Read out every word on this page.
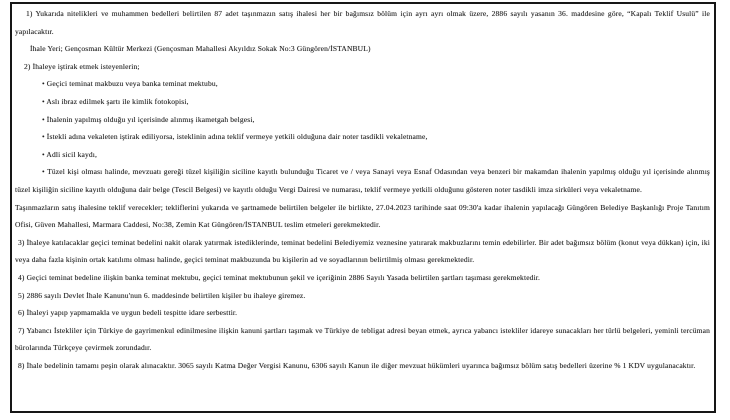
1) Yukarıda nitelikleri ve muhammen bedelleri belirtilen 87 adet taşınmazın satış ihalesi her bir bağımsız bölüm için ayrı ayrı olmak üzere, 2886 sayılı yasanın 36. maddesine göre, “Kapalı Teklif Usulü” ile yapılacaktır.

İhale Yeri; Gençosman Kültür Merkezi (Gençosman Mahallesi Akyıldız Sokak No:3 Güngören/İSTANBUL)

2) İhaleye iştirak etmek isteyenlerin;

• Geçici teminat makbuzu veya banka teminat mektubu,

• Aslı ibraz edilmek şartı ile kimlik fotokopisi,

• İhalenin yapılmış olduğu yıl içerisinde alınmış ikametgah belgesi,

• İstekli adına vekaleten iştirak ediliyorsa, isteklinin adına teklif vermeye yetkili olduğuna dair noter tasdikli vekaletname,

• Adli sicil kaydı,

• Tüzel kişi olması halinde, mevzuatı gereği tüzel kişiliğin siciline kayıtlı bulunduğu Ticaret ve / veya Sanayi veya Esnaf Odasından veya benzeri bir makamdan ihalenin yapılmış olduğu yıl içerisinde alınmış tüzel kişiliğin siciline kayıtlı olduğuna dair belge (Tescil Belgesi) ve kayıtlı olduğu Vergi Dairesi ve numarası, teklif vermeye yetkili olduğunu gösteren noter tasdikli imza sirküleri veya vekaletname.

Taşınmazların satış ihalesine teklif verecekler; tekliflerini yukarıda ve şartnamede belirtilen belgeler ile birlikte, 27.04.2023 tarihinde saat 09:30'a kadar ihalenin yapılacağı Güngören Belediye Başkanlığı Proje Tanıtım Ofisi, Güven Mahallesi, Marmara Caddesi, No:38, Zemin Kat Güngören/İSTANBUL teslim etmeleri gerekmektedir.

3) İhaleye katılacaklar geçici teminat bedelini nakit olarak yatırmak istediklerinde, teminat bedelini Belediyemiz veznesine yatırarak makbuzlarını temin edebilirler. Bir adet bağımsız bölüm (konut veya dükkan) için, iki veya daha fazla kişinin ortak katılımı olması halinde, geçici teminat makbuzunda bu kişilerin ad ve soyadlarının belirtilmiş olması gerekmektedir.

4) Geçici teminat bedeline ilişkin banka teminat mektubu, geçici teminat mektubunun şekil ve içeriğinin 2886 Sayılı Yasada belirtilen şartları taşıması gerekmektedir.

5) 2886 sayılı Devlet İhale Kanunu'nun 6. maddesinde belirtilen kişiler bu ihaleye giremez.

6) İhaleyi yapıp yapmamakla ve uygun bedeli tespitte idare serbesttir.

7) Yabancı İstekliler için Türkiye de gayrimenkul edinilmesine ilişkin kanuni şartları taşımak ve Türkiye de tebligat adresi beyan etmek, ayrıca yabancı istekliler idareye sunacakları her türlü belgeleri, yeminli tercüman bürolarında Türkçeye çevirmek zorundadır.

8) İhale bedelinin tamamı peşin olarak alınacaktır. 3065 sayılı Katma Değer Vergisi Kanunu, 6306 sayılı Kanun ile diğer mevzuat hükümleri uyarınca bağımsız bölüm satış bedelleri üzerine % 1 KDV uygulanacaktır.
